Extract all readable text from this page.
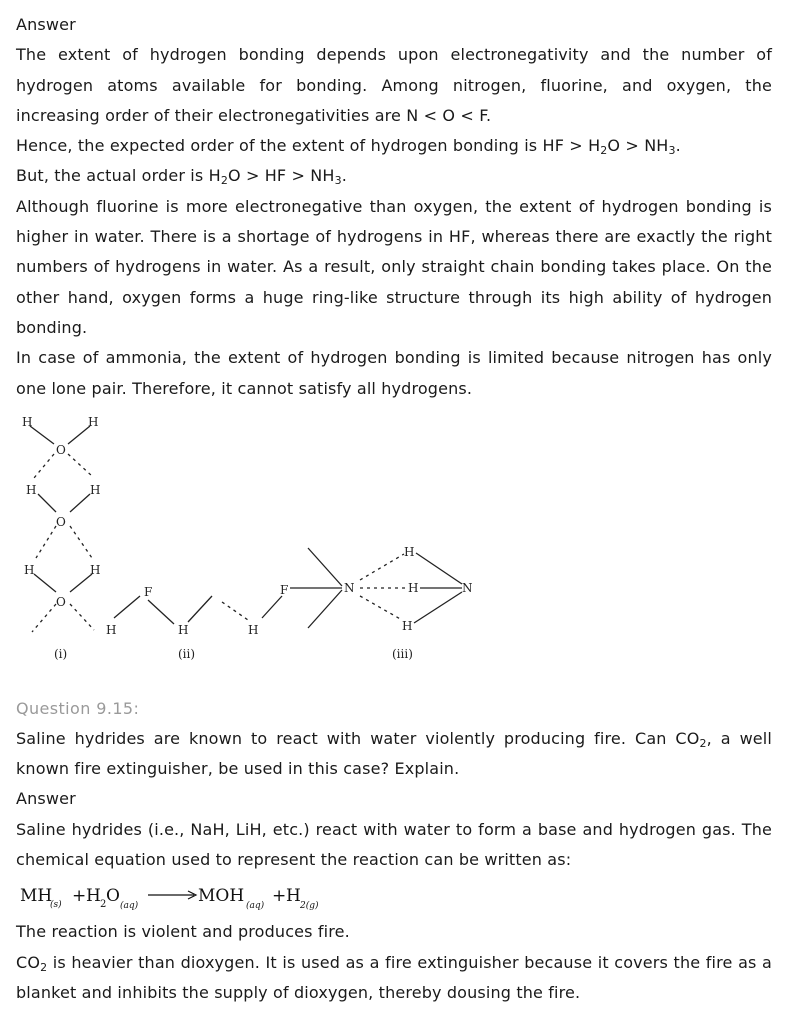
Answer

The extent of hydrogen bonding depends upon electronegativity and the number of hydrogen atoms available for bonding. Among nitrogen, fluorine, and oxygen, the increasing order of their electronegativities are N < O < F.

Hence, the expected order of the extent of hydrogen bonding is HF > $H_2O > NH_3$.

But, the actual order is $H_2O$ > HF > $NH_3$.

Although fluorine is more electronegative than oxygen, the extent of hydrogen bonding is higher in water. There is a shortage of hydrogens in HF, whereas there are exactly the right numbers of hydrogens in water. As a result, only straight chain bonding takes place. On the other hand, oxygen forms a huge ring-like structure through its high ability of hydrogen bonding.

In case of ammonia, the extent of hydrogen bonding is limited because nitrogen has only one lone pair. Therefore, it cannot satisfy all hydrogens.

H	H
O
H	H
O
H	H
O
H
F
H	H
F	N
H
H
H
N
(i)	(ii)	(iii)
Question 9.15:

Saline hydrides are known to react with water violently producing fire. Can $CO_2$, a well known fire extinguisher, be used in this case? Explain.

Answer

Saline hydrides (i.e., NaH, LiH, etc.) react with water to form a base and hydrogen gas. The chemical equation used to represent the reaction can be written as:

MH
(s) + H 2 O (aq)	MOH (aq) + H 2(g)

The reaction is violent and produces fire.

$CO_2$ is heavier than dioxygen. It is used as a fire extinguisher because it covers the fire as a blanket and inhibits the supply of dioxygen, thereby dousing the fire.
